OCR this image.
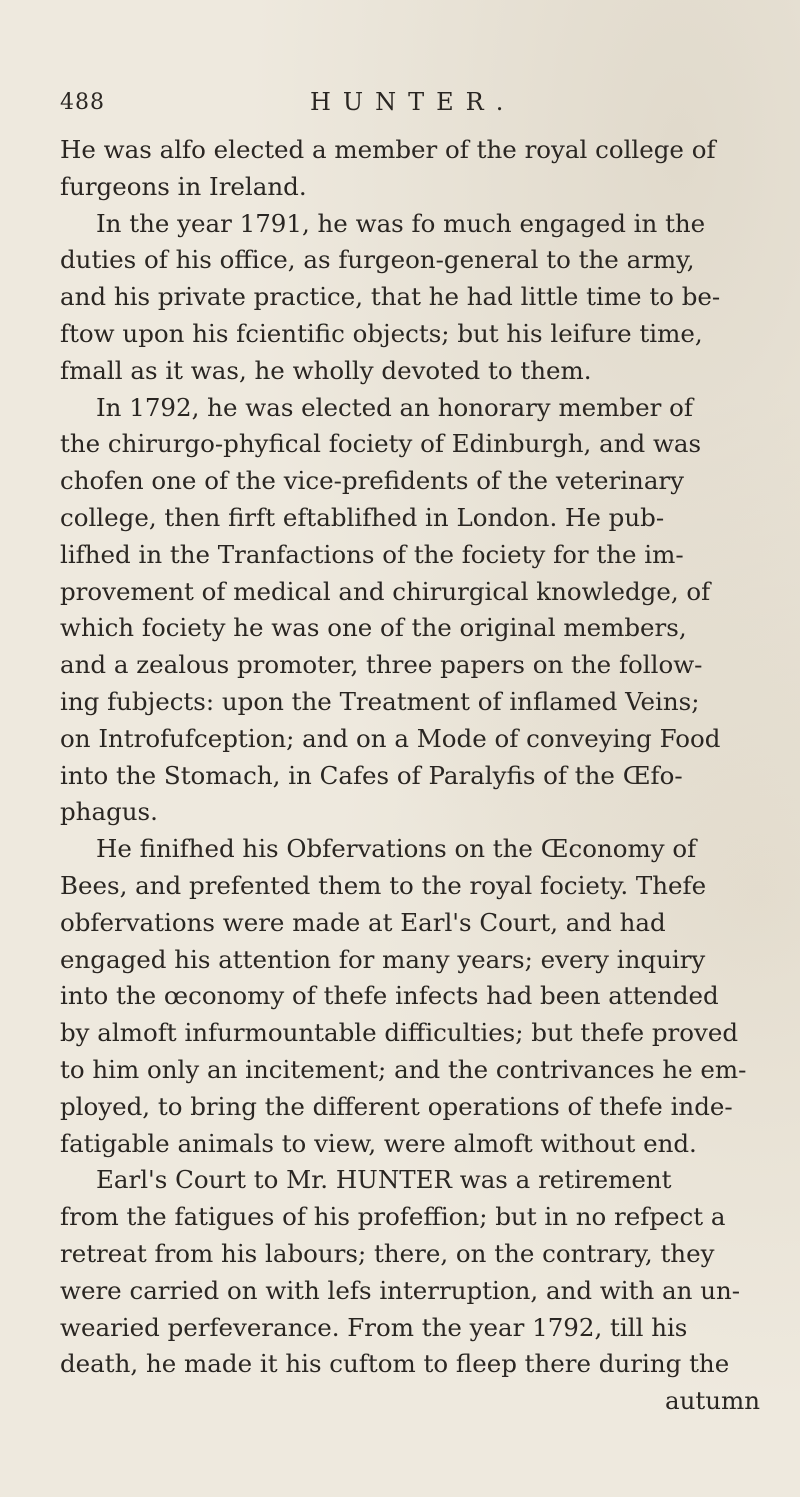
488	HUNTER.
He was alfo elected a member of the royal college of
furgeons in Ireland.
In the year 1791, he was fo much engaged in the
duties of his office, as furgeon-general to the army,
and his private practice, that he had little time to be-
ftow upon his fcientific objects; but his leifure time,
fmall as it was, he wholly devoted to them.
In 1792, he was elected an honorary member of
the chirurgo-phyfical fociety of Edinburgh, and was
chofen one of the vice-prefidents of the veterinary
college, then firft eftablifhed in London. He pub-
lifhed in the Tranfactions of the fociety for the im-
provement of medical and chirurgical knowledge, of
which fociety he was one of the original members,
and a zealous promoter, three papers on the follow-
ing fubjects: upon the Treatment of inflamed Veins;
on Introfufception; and on a Mode of conveying Food
into the Stomach, in Cafes of Paralyfis of the Œfo-
phagus.
He finifhed his Obfervations on the Œconomy of
Bees, and prefented them to the royal fociety. Thefe
obfervations were made at Earl's Court, and had
engaged his attention for many years; every inquiry
into the œconomy of thefe infects had been attended
by almoft infurmountable difficulties; but thefe proved
to him only an incitement; and the contrivances he em-
ployed, to bring the different operations of thefe inde-
fatigable animals to view, were almoft without end.
Earl's Court to Mr. HUNTER was a retirement
from the fatigues of his profeffion; but in no refpect a
retreat from his labours; there, on the contrary, they
were carried on with lefs interruption, and with an un-
wearied perfeverance. From the year 1792, till his
death, he made it his cuftom to fleep there during the
autumn
